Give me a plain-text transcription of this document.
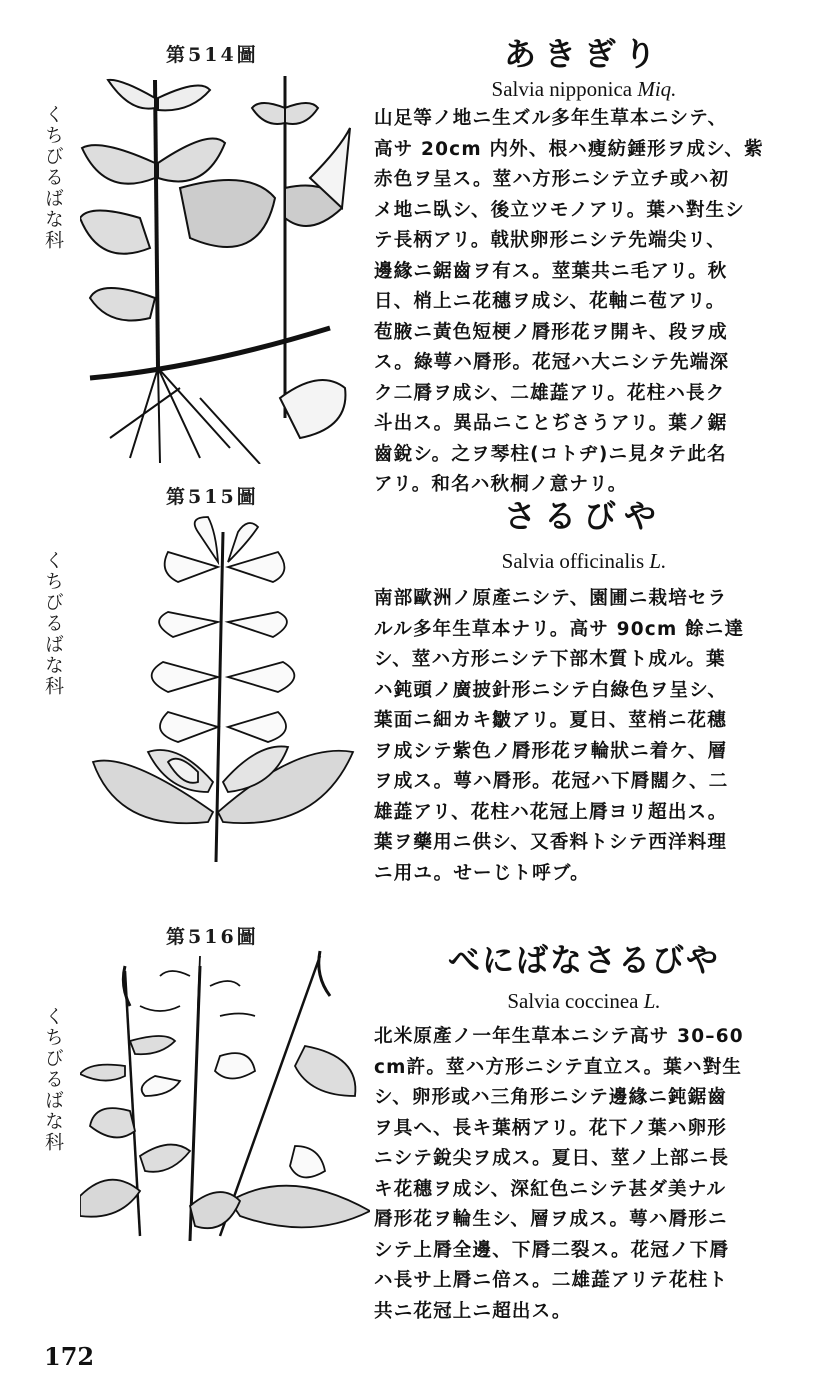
第514圖
くちびるばな科
あきぎり
Salvia nipponica Miq.

山足等ノ地ニ生ズル多年生草本ニシテ、

高サ 20cm 内外、根ハ瘦紡錘形ヲ成シ、紫

赤色ヲ呈ス。莖ハ方形ニシテ立チ或ハ初

メ地ニ臥シ、後立ツモノアリ。葉ハ對生シ

テ長柄アリ。戟狀卵形ニシテ先端尖リ、

邊緣ニ鋸齒ヲ有ス。莖葉共ニ毛アリ。秋

日、梢上ニ花穗ヲ成シ、花軸ニ苞アリ。

苞腋ニ黃色短梗ノ脣形花ヲ開キ、段ヲ成

ス。綠萼ハ脣形。花冠ハ大ニシテ先端深

ク二脣ヲ成シ、二雄蕋アリ。花柱ハ長ク

斗出ス。異品ニことぢさうアリ。葉ノ鋸

齒銳シ。之ヲ琴柱(コトヂ)ニ見タテ此名

アリ。和名ハ秋桐ノ意ナリ。

第515圖
くちびるばな科
さるびや
Salvia officinalis L.

南部歐洲ノ原產ニシテ、園圃ニ栽培セラ

ルル多年生草本ナリ。高サ 90cm 餘ニ達

シ、莖ハ方形ニシテ下部木質ト成ル。葉

ハ鈍頭ノ廣披針形ニシテ白綠色ヲ呈シ、

葉面ニ細カキ皺アリ。夏日、莖梢ニ花穗

ヲ成シテ紫色ノ脣形花ヲ輪狀ニ着ケ、層

ヲ成ス。萼ハ脣形。花冠ハ下脣闊ク、二

雄蕋アリ、花柱ハ花冠上脣ヨリ超出ス。

葉ヲ藥用ニ供シ、又香料トシテ西洋料理

ニ用ユ。せーじト呼ブ。

第516圖
くちびるばな科
べにばなさるびや
Salvia coccinea L.

北米原產ノ一年生草本ニシテ高サ 30–60

cm許。莖ハ方形ニシテ直立ス。葉ハ對生

シ、卵形或ハ三角形ニシテ邊緣ニ鈍鋸齒

ヲ具ヘ、長キ葉柄アリ。花下ノ葉ハ卵形

ニシテ銳尖ヲ成ス。夏日、莖ノ上部ニ長

キ花穗ヲ成シ、深紅色ニシテ甚ダ美ナル

脣形花ヲ輪生シ、層ヲ成ス。萼ハ脣形ニ

シテ上脣全邊、下脣二裂ス。花冠ノ下脣

ハ長サ上脣ニ倍ス。二雄蕋アリテ花柱ト

共ニ花冠上ニ超出ス。

172
